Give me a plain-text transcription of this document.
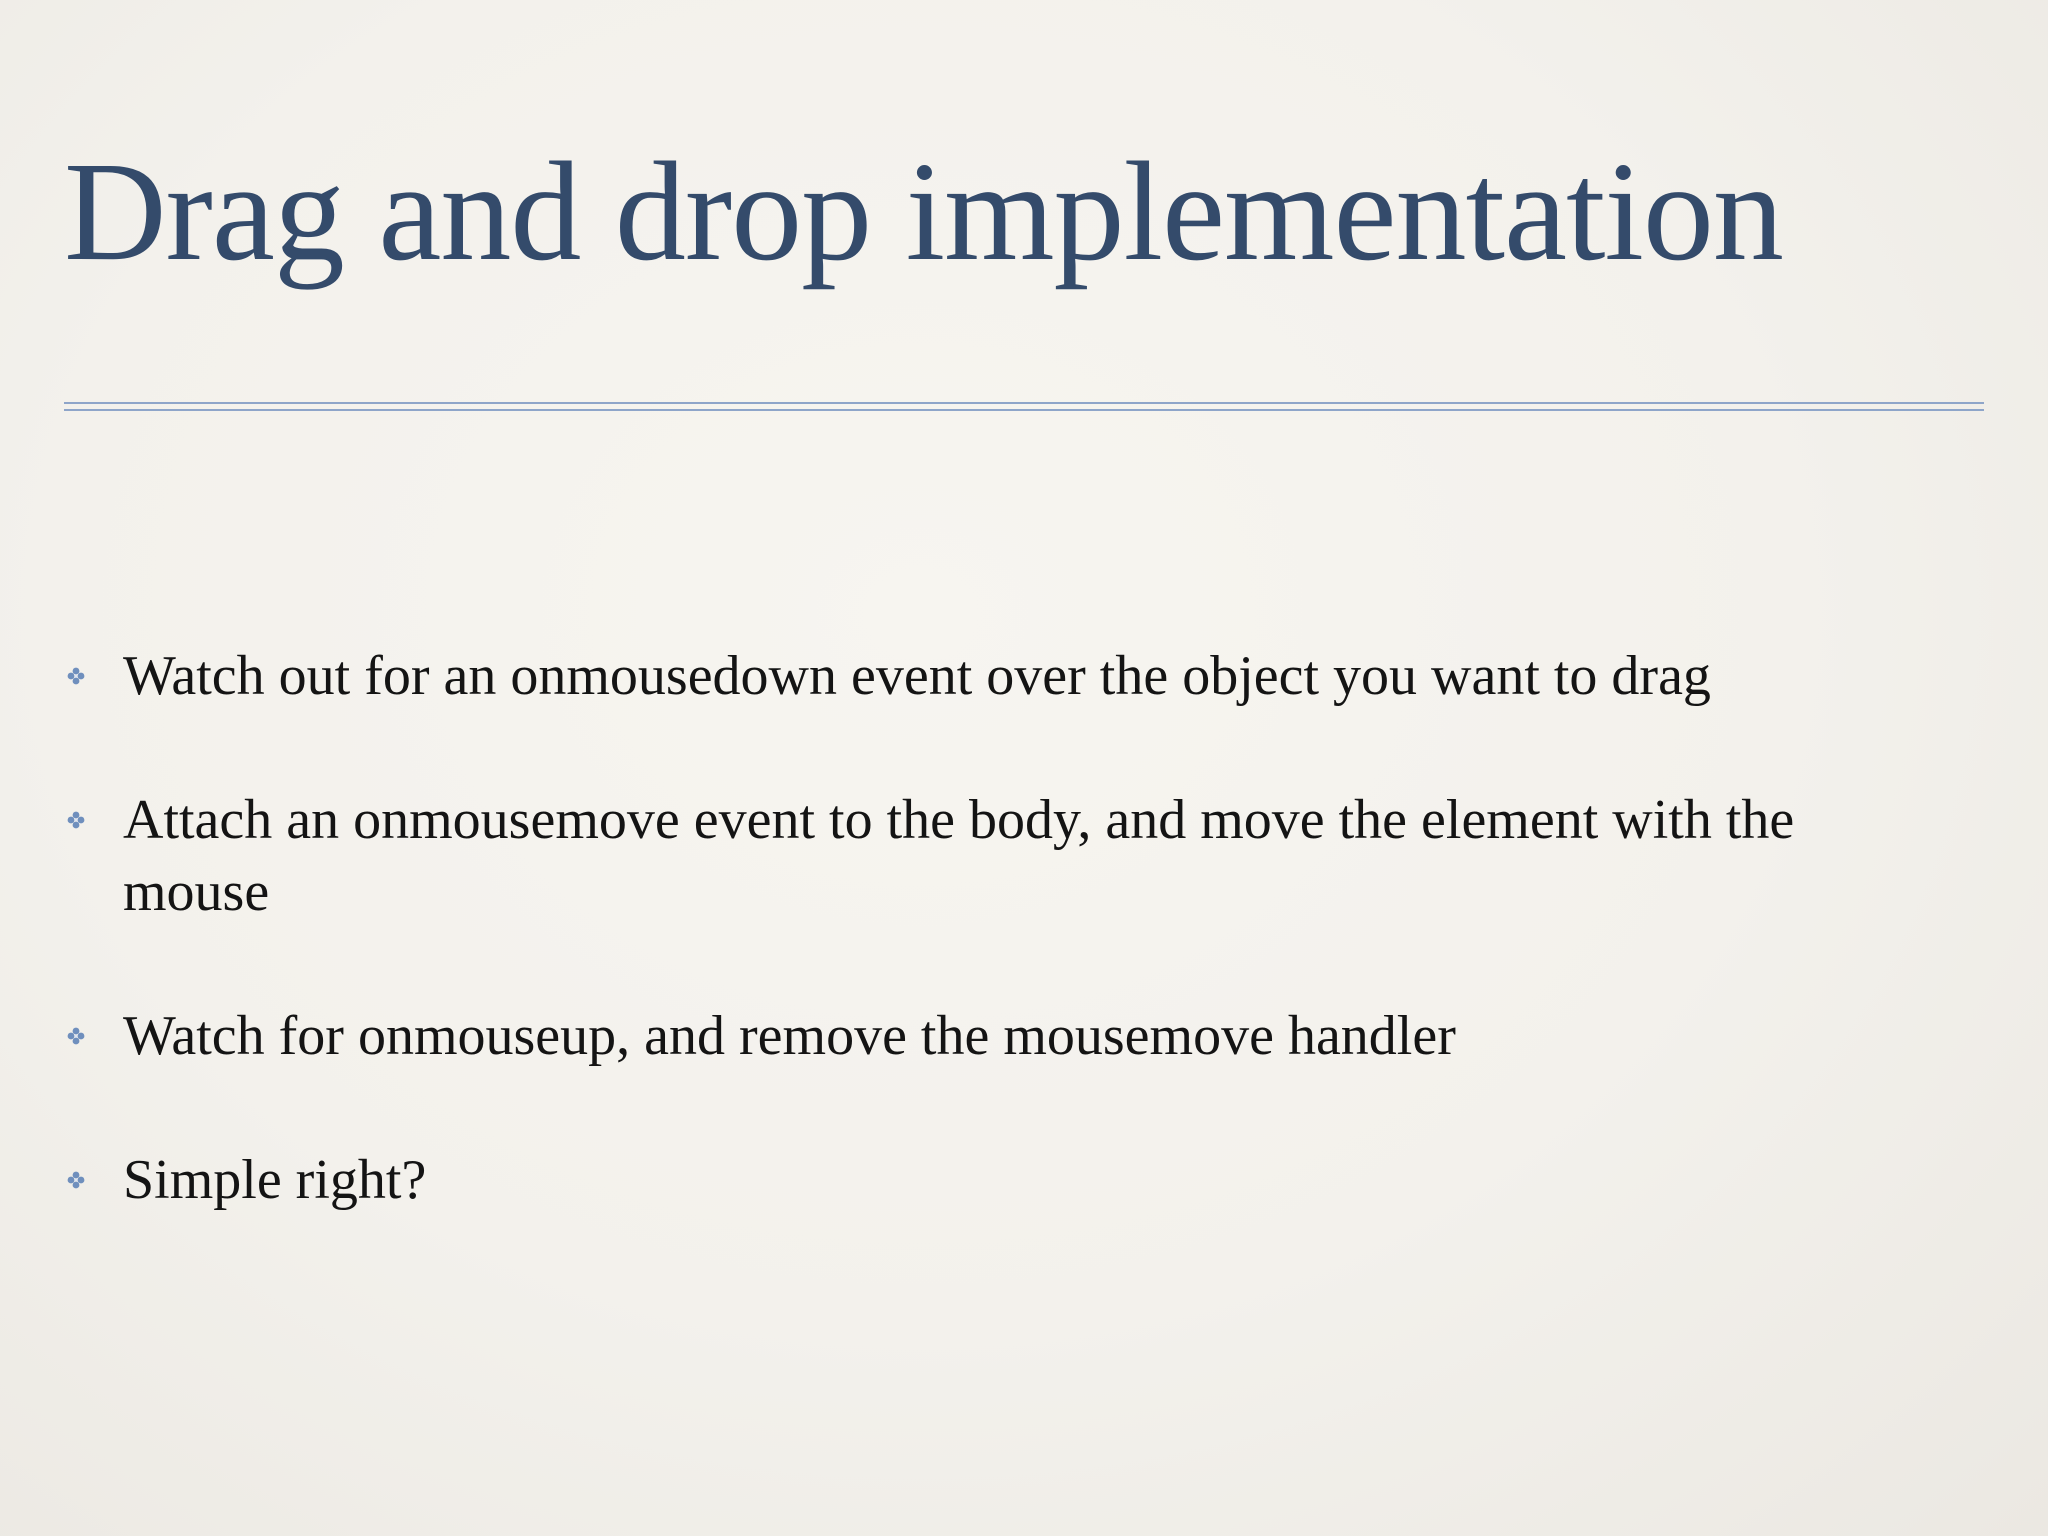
Drag and drop implementation
Watch out for an onmousedown event over the object you want to drag
Attach an onmousemove event to the body, and move the element with the mouse
Watch for onmouseup, and remove the mousemove handler
Simple right?
